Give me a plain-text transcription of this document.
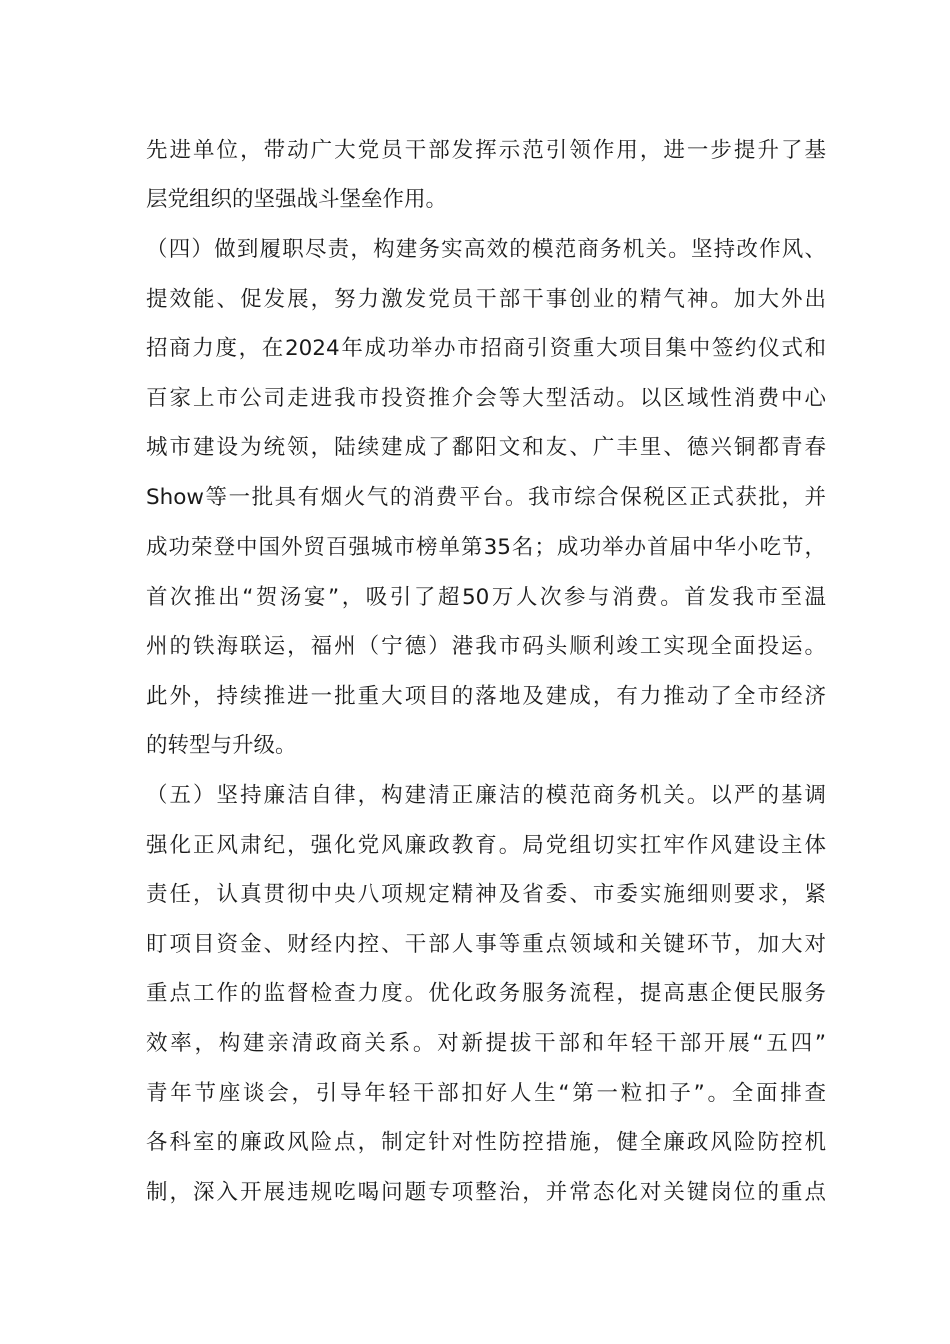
先进单位，带动广大党员干部发挥示范引领作用，进一步提升了基
层党组织的坚强战斗堡垒作用。
（四）做到履职尽责，构建务实高效的模范商务机关。坚持改作风、
提效能、促发展，努力激发党员干部干事创业的精气神。加大外出
招商力度，在2024年成功举办市招商引资重大项目集中签约仪式和
百家上市公司走进我市投资推介会等大型活动。以区域性消费中心
城市建设为统领，陆续建成了鄱阳文和友、广丰里、德兴铜都青春
Show等一批具有烟火气的消费平台。我市综合保税区正式获批，并
成功荣登中国外贸百强城市榜单第35名；成功举办首届中华小吃节，
首次推出“贺汤宴”，吸引了超50万人次参与消费。首发我市至温
州的铁海联运，福州（宁德）港我市码头顺利竣工实现全面投运。
此外，持续推进一批重大项目的落地及建成，有力推动了全市经济
的转型与升级。
（五）坚持廉洁自律，构建清正廉洁的模范商务机关。以严的基调
强化正风肃纪，强化党风廉政教育。局党组切实扛牢作风建设主体
责任，认真贯彻中央八项规定精神及省委、市委实施细则要求，紧
盯项目资金、财经内控、干部人事等重点领域和关键环节，加大对
重点工作的监督检查力度。优化政务服务流程，提高惠企便民服务
效率，构建亲清政商关系。对新提拔干部和年轻干部开展“五四”
青年节座谈会，引导年轻干部扣好人生“第一粒扣子”。全面排查
各科室的廉政风险点，制定针对性防控措施，健全廉政风险防控机
制，深入开展违规吃喝问题专项整治，并常态化对关键岗位的重点
